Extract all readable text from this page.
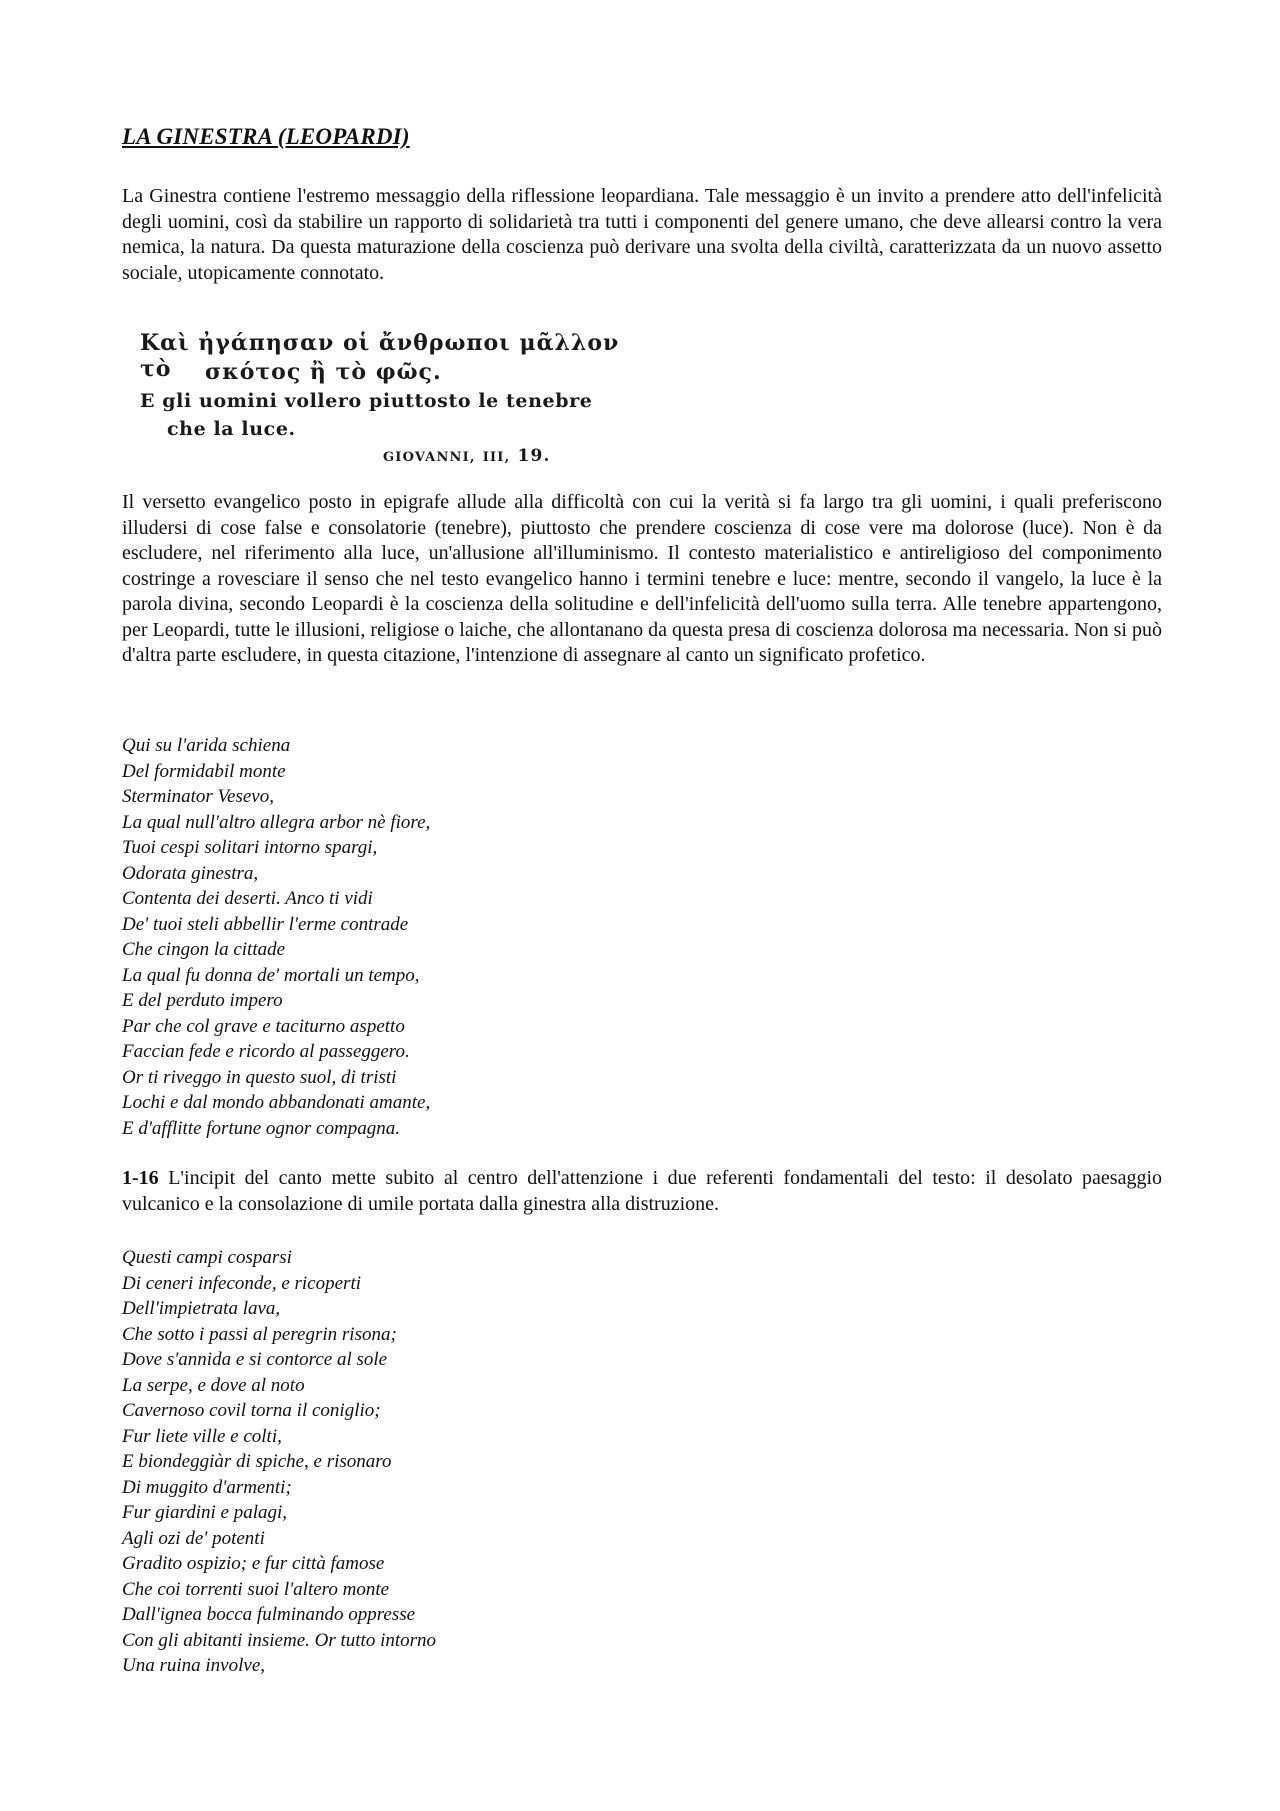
LA GINESTRA (LEOPARDI)
La Ginestra contiene l'estremo messaggio della riflessione leopardiana. Tale messaggio è un invito a prendere atto dell'infelicità degli uomini, così da stabilire un rapporto di solidarietà tra tutti i componenti del genere umano, che deve allearsi contro la vera nemica, la natura. Da questa maturazione della coscienza può derivare una svolta della civiltà, caratterizzata da un nuovo assetto sociale, utopicamente connotato.
Καὶ ἠγάπησαν οἱ ἄνθρωποι μᾶλλον τὸ	σκότος ἢ τὸ φῶς.
E gli uomini vollero piuttosto le tenebre
che la luce.
GIOVANNI, III, 19.
Il versetto evangelico posto in epigrafe allude alla difficoltà con cui la verità si fa largo tra gli uomini, i quali preferiscono illudersi di cose false e consolatorie (tenebre), piuttosto che prendere coscienza di cose vere ma dolorose (luce). Non è da escludere, nel riferimento alla luce, un'allusione all'illuminismo. Il contesto materialistico e antireligioso del componimento costringe a rovesciare il senso che nel testo evangelico hanno i termini tenebre e luce: mentre, secondo il vangelo, la luce è la parola divina, secondo Leopardi è la coscienza della solitudine e dell'infelicità dell'uomo sulla terra. Alle tenebre appartengono, per Leopardi, tutte le illusioni, religiose o laiche, che allontanano da questa presa di coscienza dolorosa ma necessaria. Non si può d'altra parte escludere, in questa citazione, l'intenzione di assegnare al canto un significato profetico.
Qui su l'arida schiena
Del formidabil monte
Sterminator Vesevo,
La qual null'altro allegra arbor nè fiore,
Tuoi cespi solitari intorno spargi,
Odorata ginestra,
Contenta dei deserti. Anco ti vidi
De' tuoi steli abbellir l'erme contrade
Che cingon la cittade
La qual fu donna de' mortali un tempo,
E del perduto impero
Par che col grave e taciturno aspetto
Faccian fede e ricordo al passeggero.
Or ti riveggo in questo suol, di tristi
Lochi e dal mondo abbandonati amante,
E d'afflitte fortune ognor compagna.
1-16 L'incipit del canto mette subito al centro dell'attenzione i due referenti fondamentali del testo: il desolato paesaggio vulcanico e la consolazione di umile portata dalla ginestra alla distruzione.
Questi campi cosparsi
Di ceneri infeconde, e ricoperti
Dell'impietrata lava,
Che sotto i passi al peregrin risona;
Dove s'annida e si contorce al sole
La serpe, e dove al noto
Cavernoso covil torna il coniglio;
Fur liete ville e colti,
E biondeggiàr di spiche, e risonaro
Di muggito d'armenti;
Fur giardini e palagi,
Agli ozi de' potenti
Gradito ospizio; e fur città famose
Che coi torrenti suoi l'altero monte
Dall'ignea bocca fulminando oppresse
Con gli abitanti insieme. Or tutto intorno
Una ruina involve,
